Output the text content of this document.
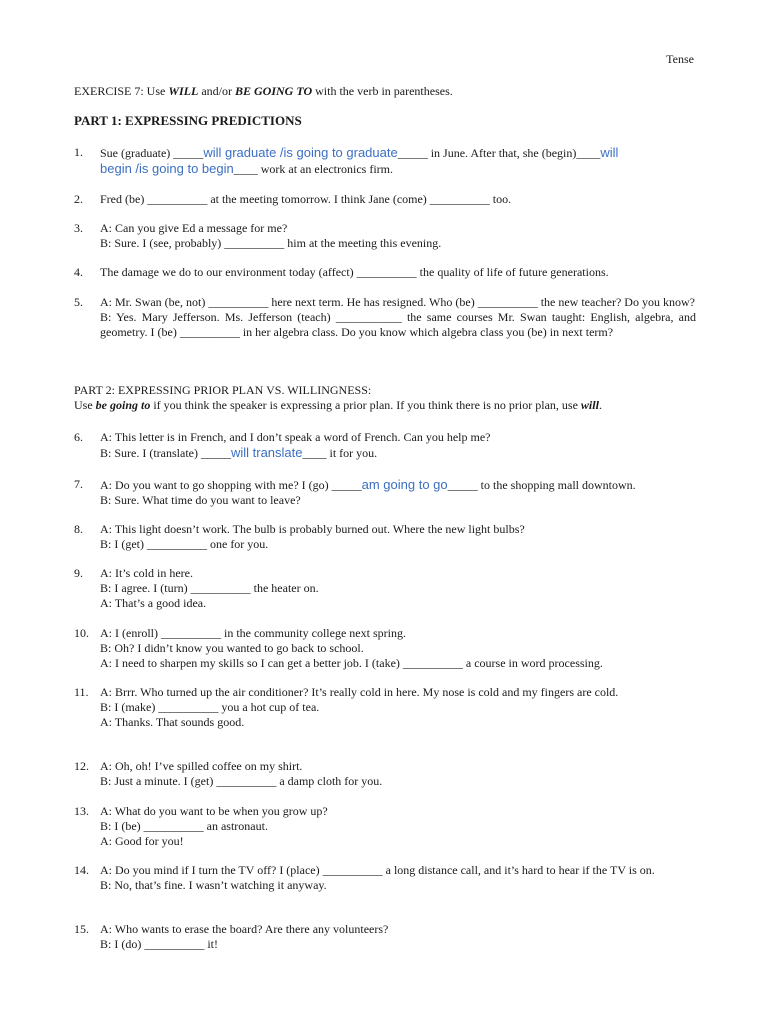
Tense
EXERCISE 7: Use WILL and/or BE GOING TO with the verb in parentheses.
PART 1: EXPRESSING PREDICTIONS
1.	Sue (graduate) _____will graduate /is going to graduate_____ in June. After that, she (begin)____will
begin /is going to begin____ work at an electronics firm.
2.	Fred (be) __________ at the meeting tomorrow. I think Jane (come) __________ too.
3.	A: Can you give Ed a message for me?

B: Sure. I (see, probably) __________ him at the meeting this evening.

4.	The damage we do to our environment today (affect) __________ the quality of life of future generations.
5.	A: Mr. Swan (be, not) __________ here next term. He has resigned. Who (be) __________ the new teacher? Do you know?

B: Yes. Mary Jefferson. Ms. Jefferson (teach) ___________ the same courses Mr. Swan taught: English, algebra, and geometry. I (be) __________ in her algebra class. Do you know which algebra class you (be) in next term?

PART 2: EXPRESSING PRIOR PLAN VS. WILLINGNESS:

Use be going to if you think the speaker is expressing a prior plan. If you think there is no prior plan, use will.

6.	A: This letter is in French, and I don’t speak a word of French. Can you help me?

B: Sure. I (translate) _____will translate____ it for you.

7.	A: Do you want to go shopping with me? I (go) _____am going to go_____ to the shopping mall downtown.

B: Sure. What time do you want to leave?

8.	A: This light doesn’t work. The bulb is probably burned out. Where the new light bulbs?

B: I (get) __________ one for you.

9.	A: It’s cold in here.

B: I agree. I (turn) __________ the heater on.

A: That’s a good idea.

10. A: I (enroll) __________ in the community college next spring.

B: Oh? I didn’t know you wanted to go back to school.

A: I need to sharpen my skills so I can get a better job. I (take) __________ a course in word processing.

11. A: Brrr. Who turned up the air conditioner? It’s really cold in here. My nose is cold and my fingers are cold.

B: I (make) __________ you a hot cup of tea.

A: Thanks. That sounds good.

12. A: Oh, oh! I’ve spilled coffee on my shirt.

B: Just a minute. I (get) __________ a damp cloth for you.

13. A: What do you want to be when you grow up?

B: I (be) __________ an astronaut.

A: Good for you!

14. A: Do you mind if I turn the TV off? I (place) __________ a long distance call, and it’s hard to hear if the TV is on.

B: No, that’s fine. I wasn’t watching it anyway.

15. A: Who wants to erase the board? Are there any volunteers?

B: I (do) __________ it!
